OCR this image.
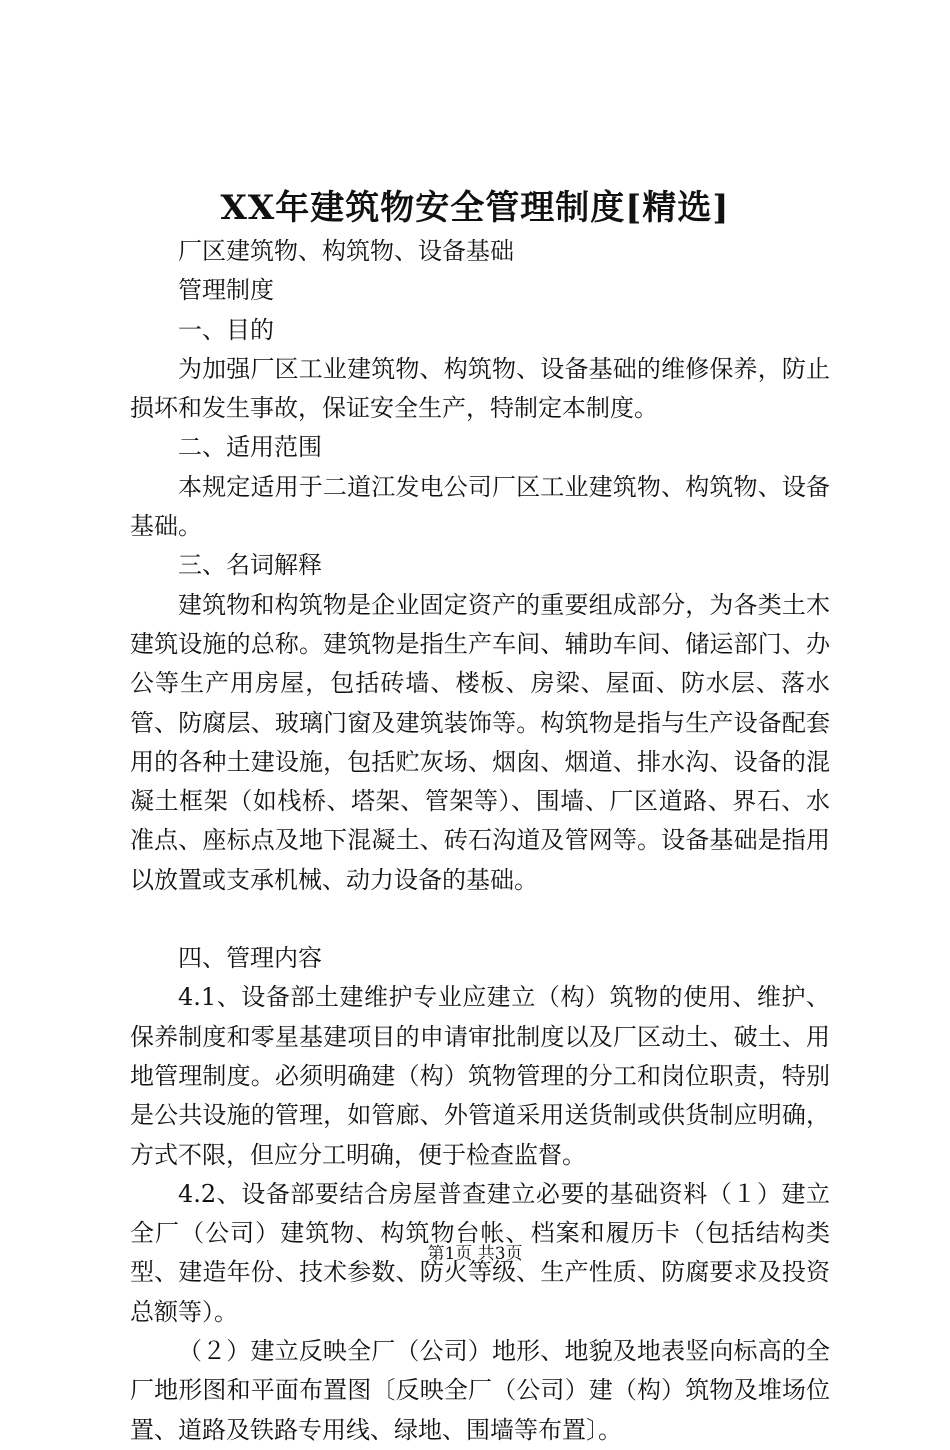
XX年建筑物安全管理制度[精选]

厂区建筑物、构筑物、设备基础

管理制度

一、目的

为加强厂区工业建筑物、构筑物、设备基础的维修保养，防止损坏和发生事故，保证安全生产，特制定本制度。

二、适用范围

本规定适用于二道江发电公司厂区工业建筑物、构筑物、设备基础。

三、名词解释

建筑物和构筑物是企业固定资产的重要组成部分，为各类土木建筑设施的总称。建筑物是指生产车间、辅助车间、储运部门、办公等生产用房屋，包括砖墙、楼板、房梁、屋面、防水层、落水管、防腐层、玻璃门窗及建筑装饰等。构筑物是指与生产设备配套用的各种土建设施，包括贮灰场、烟囱、烟道、排水沟、设备的混凝土框架（如栈桥、塔架、管架等）、围墙、厂区道路、界石、水准点、座标点及地下混凝土、砖石沟道及管网等。设备基础是指用以放置或支承机械、动力设备的基础。

四、管理内容

4.1、设备部土建维护专业应建立（构）筑物的使用、维护、保养制度和零星基建项目的申请审批制度以及厂区动土、破土、用地管理制度。必须明确建（构）筑物管理的分工和岗位职责，特别是公共设施的管理，如管廊、外管道采用送货制或供货制应明确，方式不限，但应分工明确，便于检查监督。

4.2、设备部要结合房屋普查建立必要的基础资料（１）建立全厂（公司）建筑物、构筑物台帐、档案和履历卡（包括结构类型、建造年份、技术参数、防火等级、生产性质、防腐要求及投资总额等）。

（２）建立反映全厂（公司）地形、地貌及地表竖向标高的全厂地形图和平面布置图〔反映全厂（公司）建（构）筑物及堆场位置、道路及铁路专用线、绿地、围墙等布置〕。

第1页 共3页
